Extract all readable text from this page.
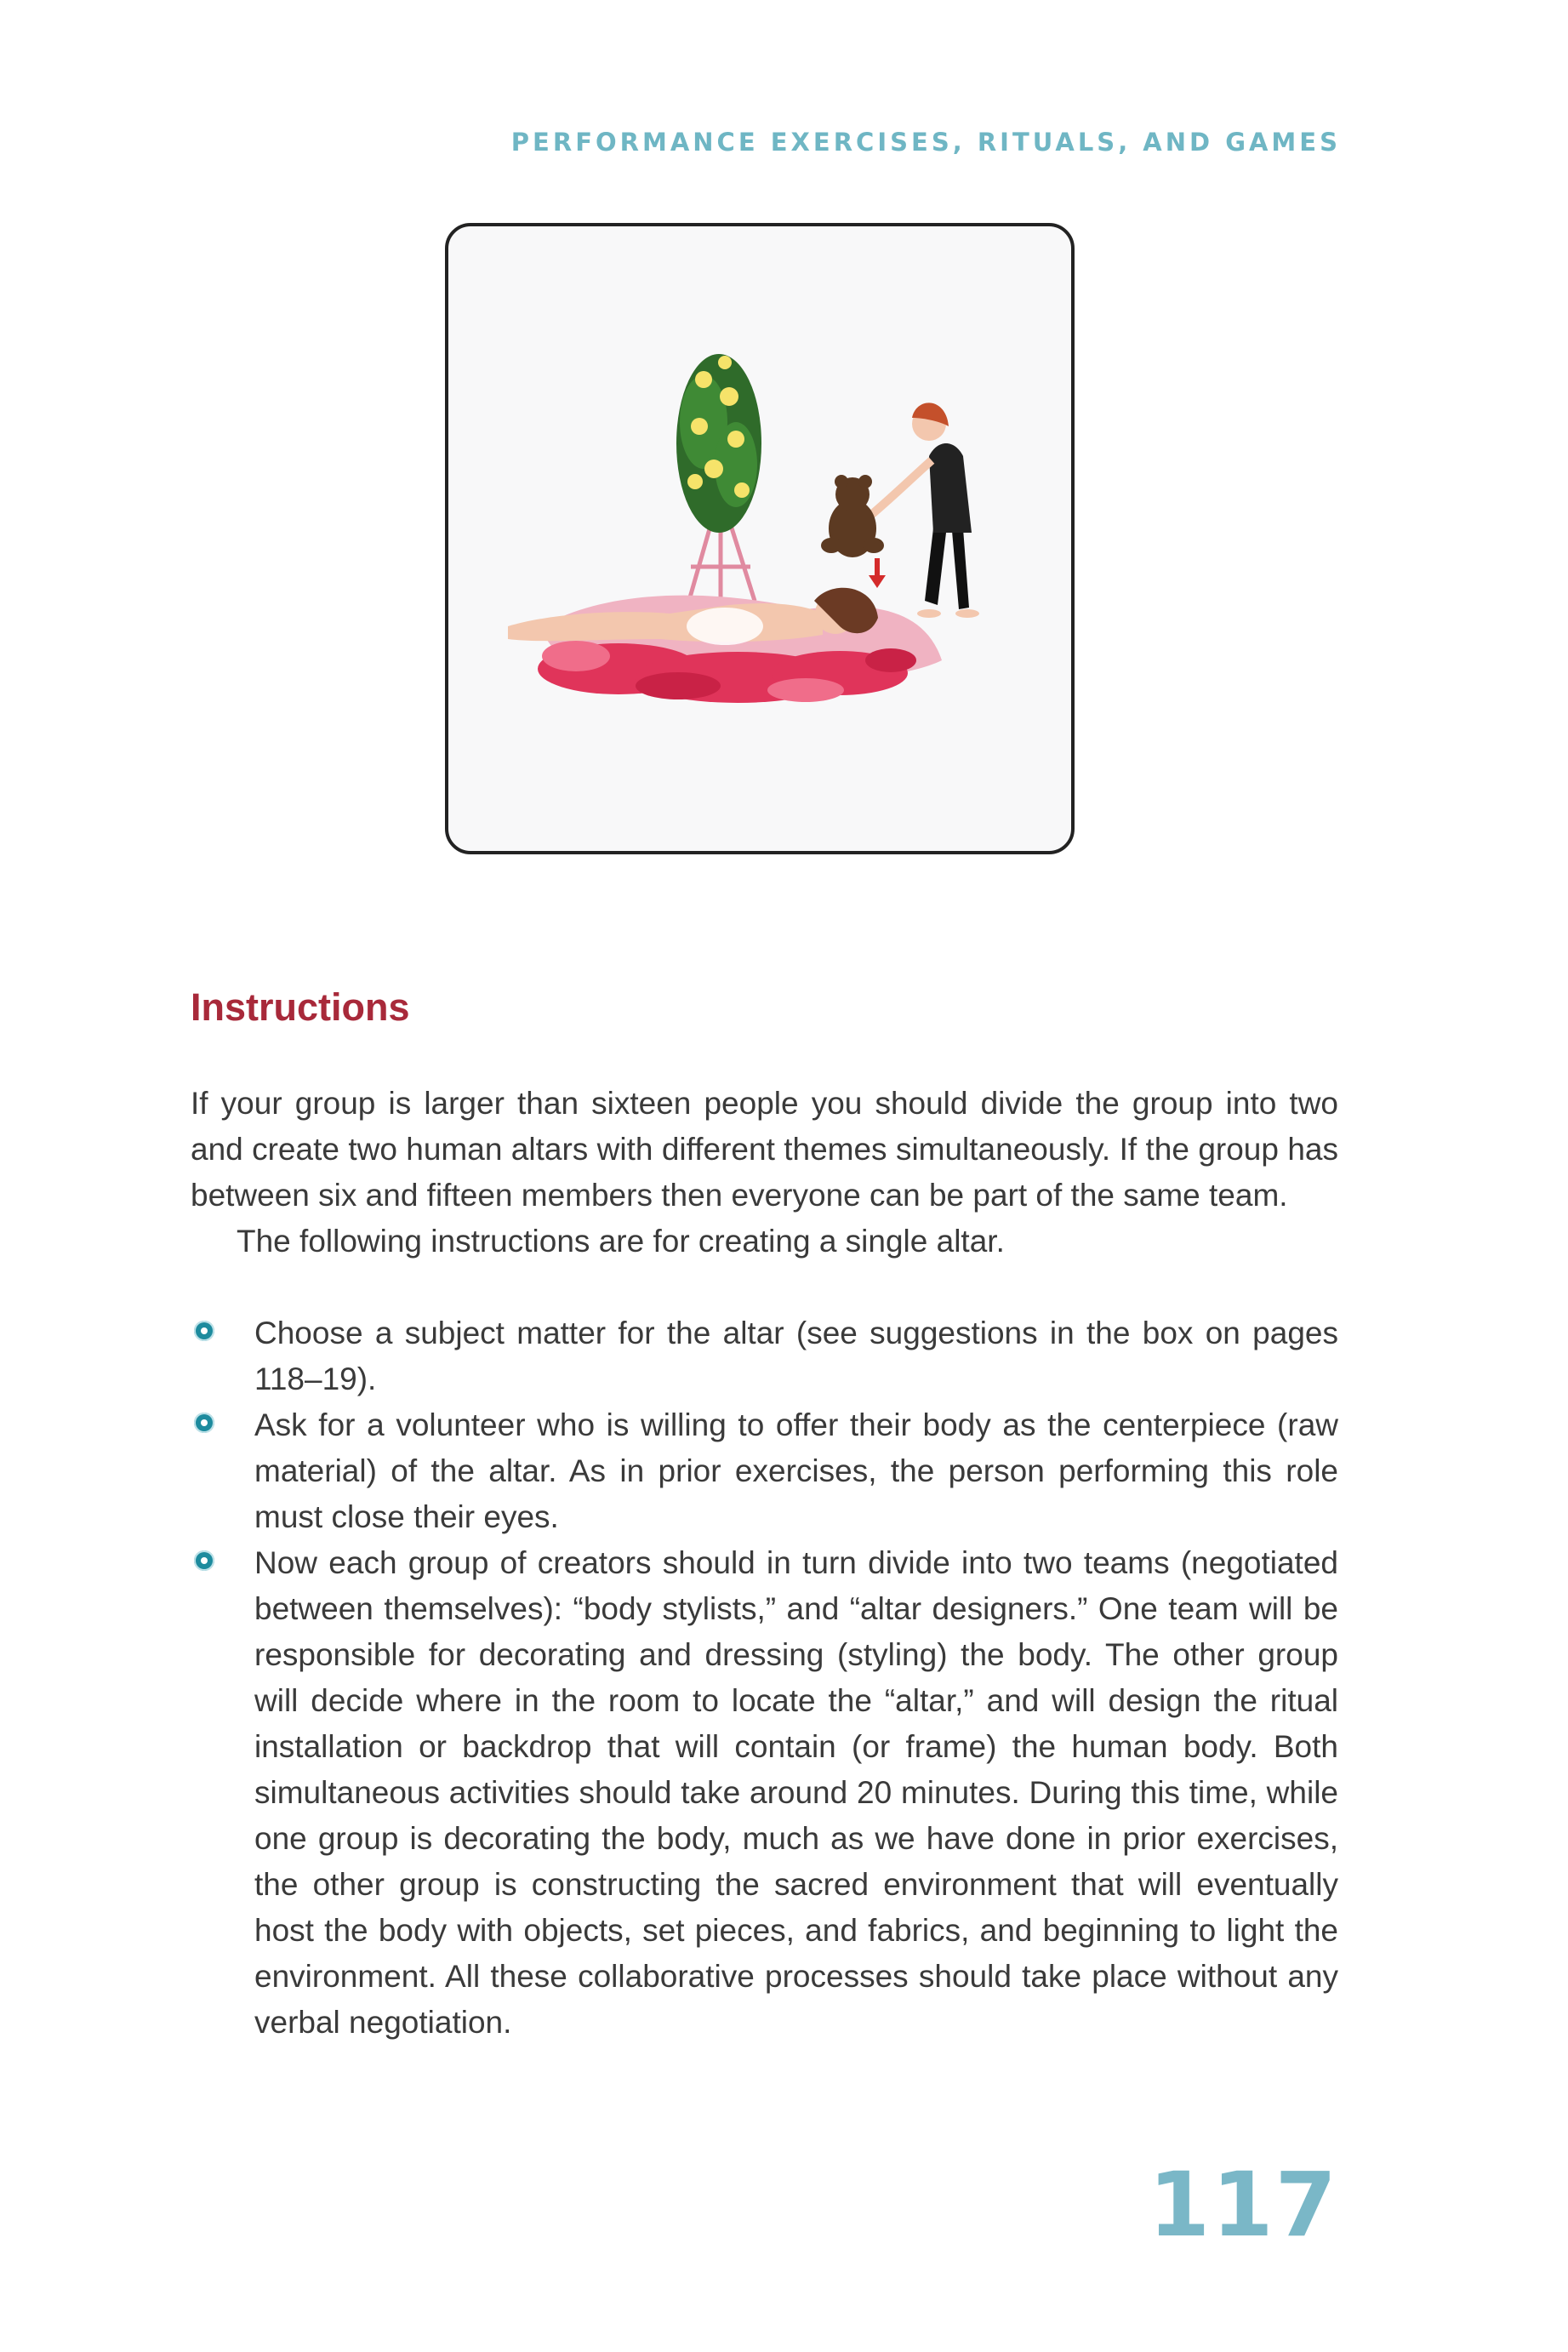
PERFORMANCE EXERCISES, RITUALS, AND GAMES
Instructions

If your group is larger than sixteen people you should divide the group into two and create two human altars with different themes simultaneously. If the group has between six and fifteen members then everyone can be part of the same team.

The following instructions are for creating a single altar.

Choose a subject matter for the altar (see suggestions in the box on pages 118–19).
Ask for a volunteer who is willing to offer their body as the centerpiece (raw material) of the altar. As in prior exercises, the person performing this role must close their eyes.
Now each group of creators should in turn divide into two teams (negotiated between themselves): “body stylists,” and “altar designers.” One team will be responsible for decorating and dressing (styling) the body. The other group will decide where in the room to locate the “altar,” and will design the ritual installation or backdrop that will contain (or frame) the human body. Both simultaneous activities should take around 20 minutes. During this time, while one group is decorating the body, much as we have done in prior exercises, the other group is constructing the sacred environment that will eventually host the body with objects, set pieces, and fabrics, and beginning to light the environment. All these collaborative processes should take place without any verbal negotiation.
117
